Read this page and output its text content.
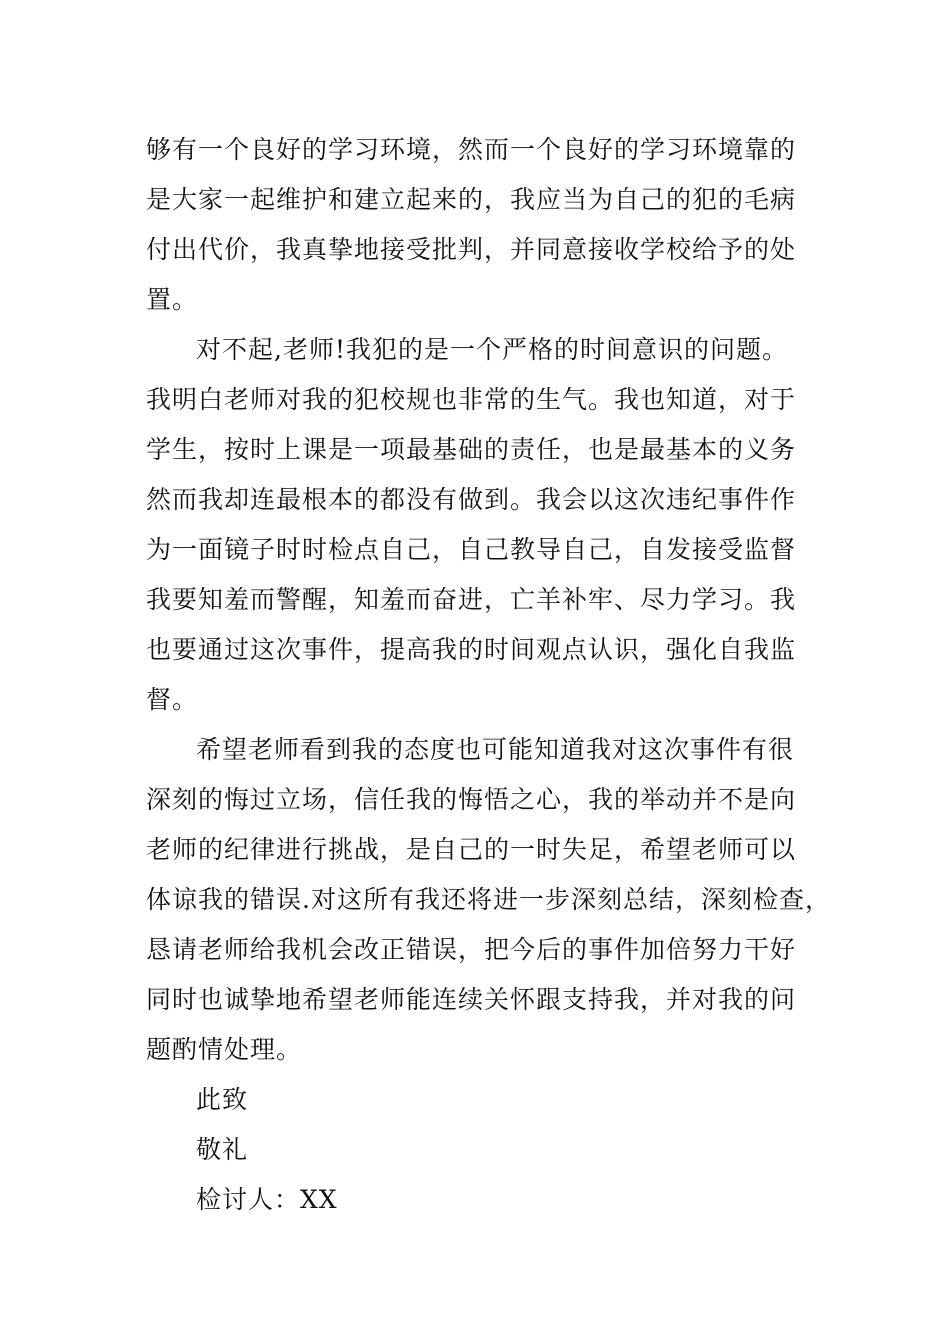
够有一个良好的学习环境，然而一个良好的学习环境靠的

是大家一起维护和建立起来的，我应当为自己的犯的毛病

付出代价，我真挚地接受批判，并同意接收学校给予的处

置。

对不起,老师!我犯的是一个严格的时间意识的问题。

我明白老师对我的犯校规也非常的生气。我也知道，对于

学生，按时上课是一项最基础的责任，也是最基本的义务

然而我却连最根本的都没有做到。我会以这次违纪事件作

为一面镜子时时检点自己，自己教导自己，自发接受监督

我要知羞而警醒，知羞而奋进，亡羊补牢、尽力学习。我

也要通过这次事件，提高我的时间观点认识，强化自我监

督。

希望老师看到我的态度也可能知道我对这次事件有很

深刻的悔过立场，信任我的悔悟之心，我的举动并不是向

老师的纪律进行挑战，是自己的一时失足，希望老师可以

体谅我的错误.对这所有我还将进一步深刻总结，深刻检查，

恳请老师给我机会改正错误，把今后的事件加倍努力干好

同时也诚挚地希望老师能连续关怀跟支持我，并对我的问

题酌情处理。

此致

敬礼

检讨人：XX
